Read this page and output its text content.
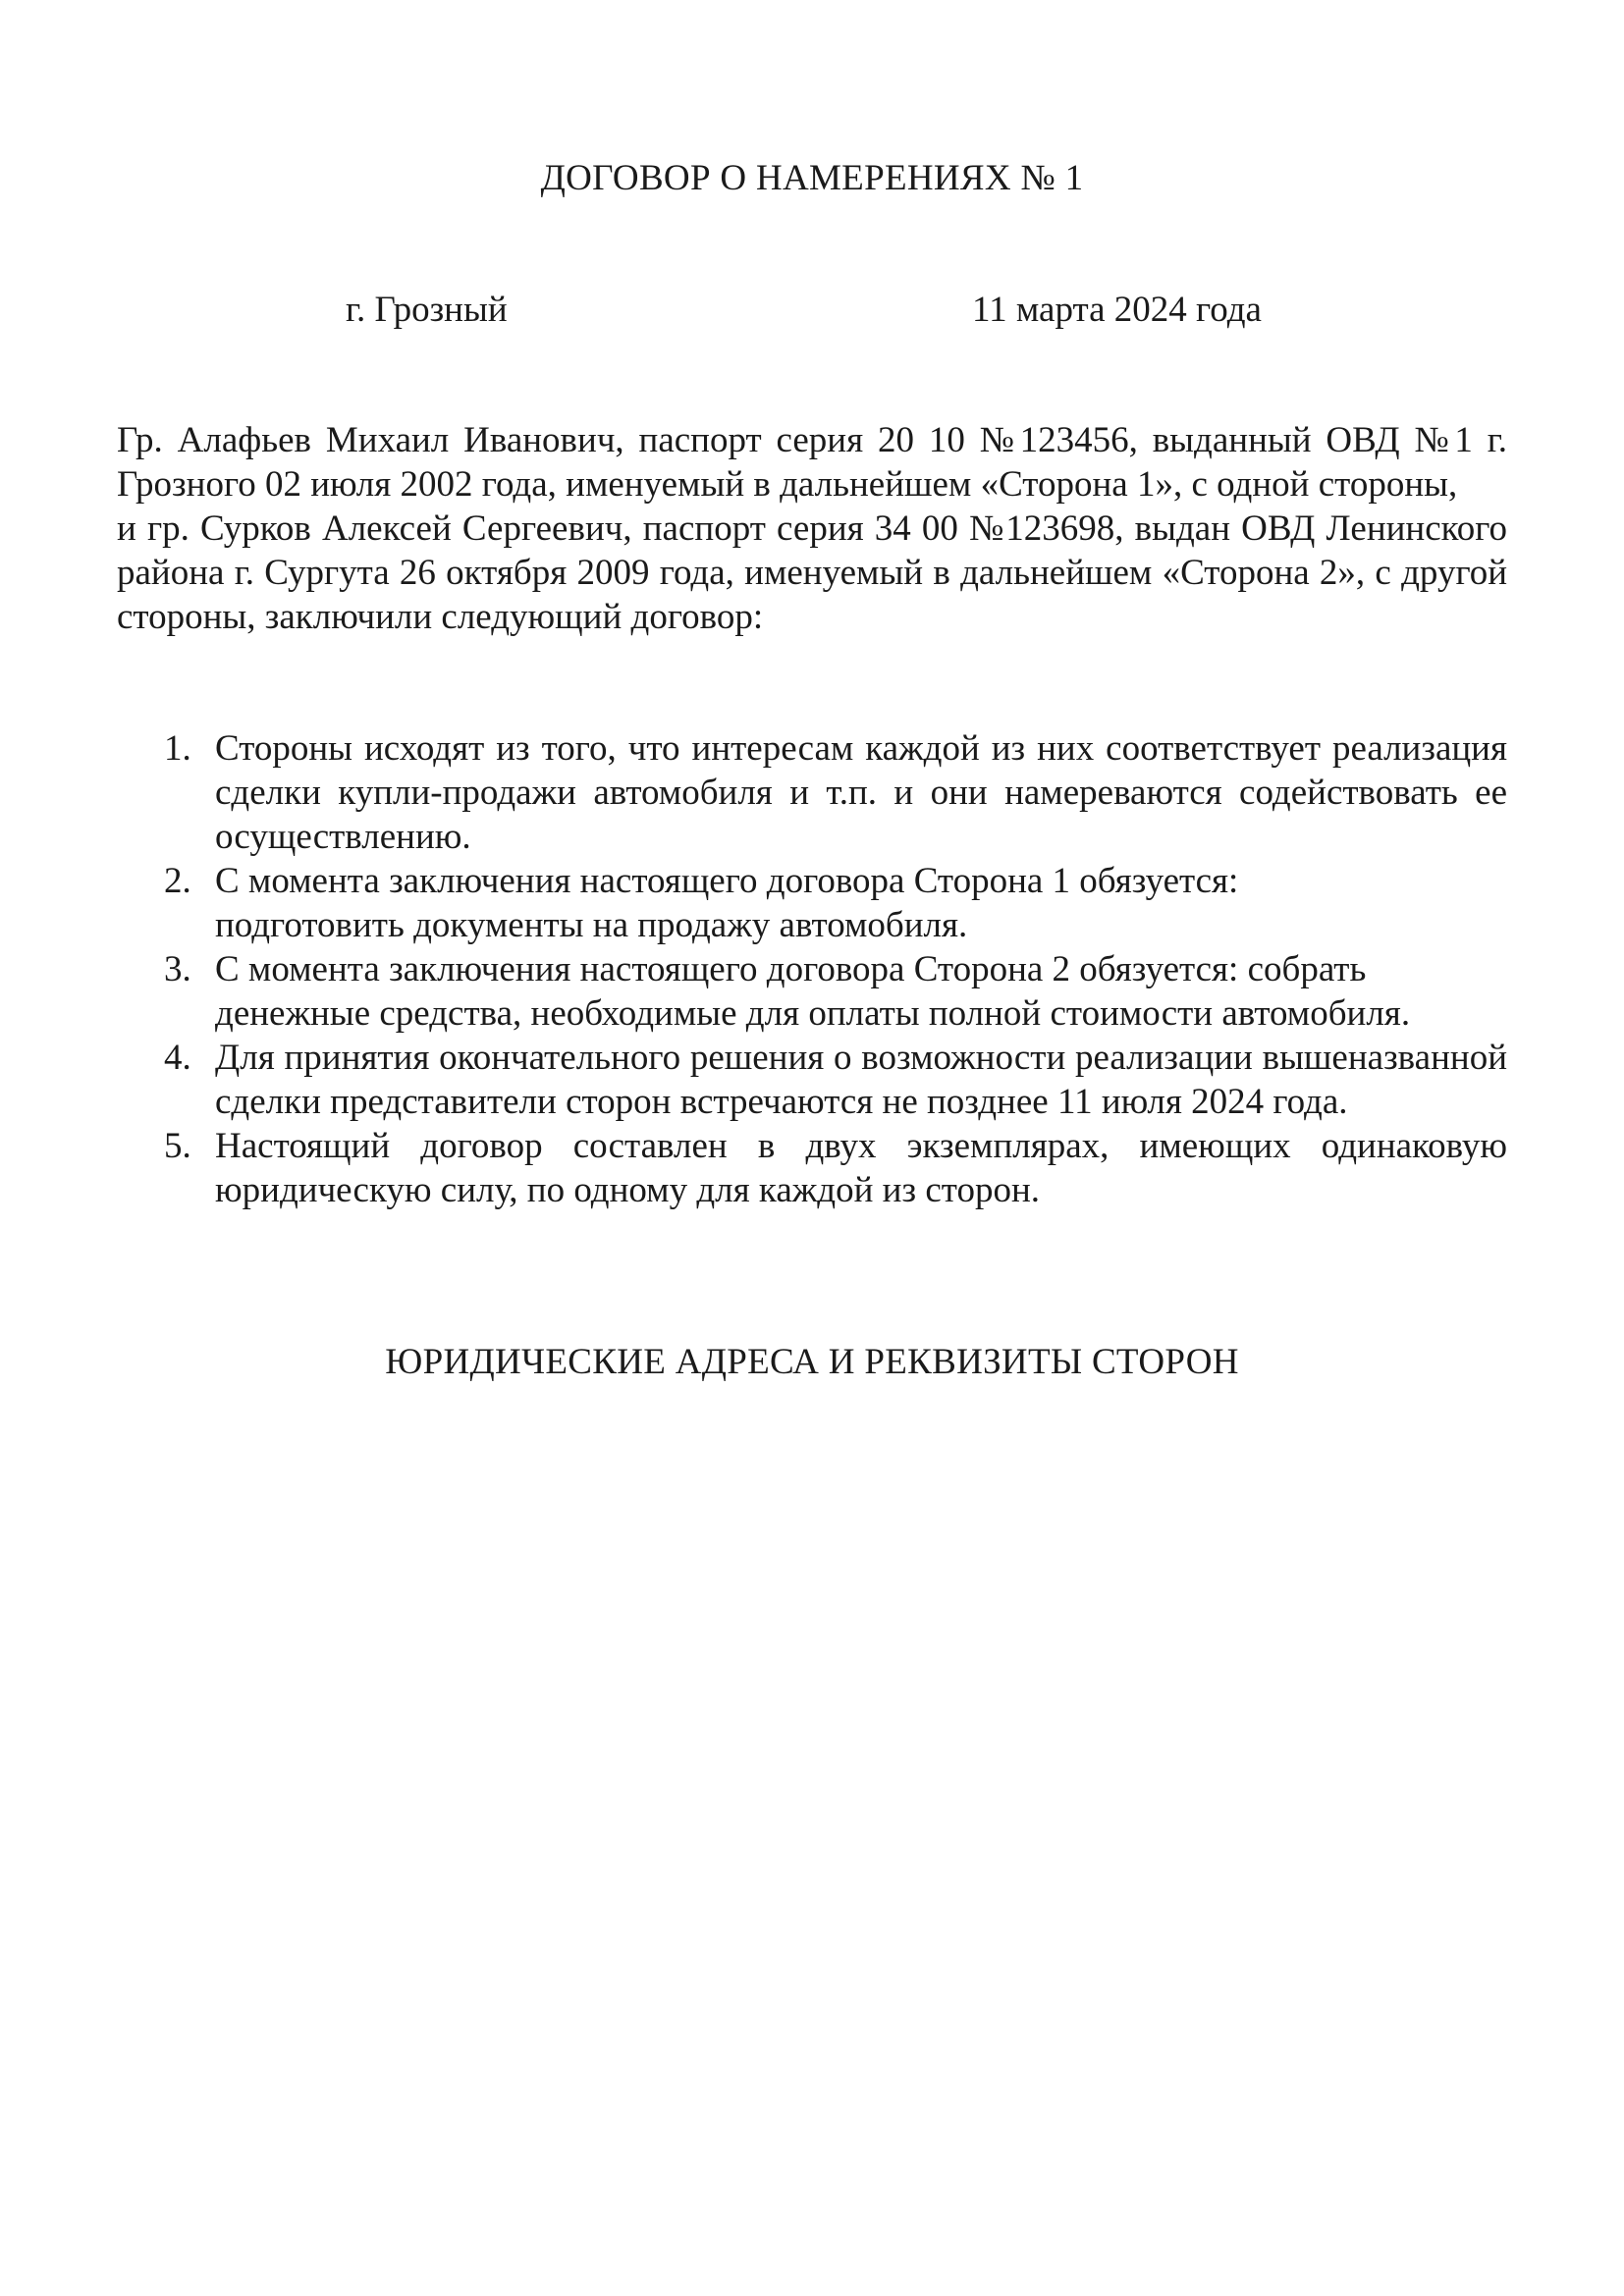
ДОГОВОР О НАМЕРЕНИЯХ № 1
г. Грозный	11 марта 2024 года

Гр. Алафьев Михаил Иванович, паспорт серия 20 10 №123456, выданный ОВД №1 г. Грозного 02 июля 2002 года, именуемый в дальнейшем «Сторона 1», с одной стороны,

и гр. Сурков Алексей Сергеевич, паспорт серия 34 00 №123698, выдан ОВД Ленинского района г. Сургута 26 октября 2009 года, именуемый в дальнейшем «Сторона 2», с другой стороны, заключили следующий договор:

1. Стороны исходят из того, что интересам каждой из них соответствует реализация сделки купли-продажи автомобиля и т.п. и они намереваются содействовать ее осуществлению.
2. С момента заключения настоящего договора Сторона 1 обязуется:
подготовить документы на продажу автомобиля.
3. С момента заключения настоящего договора Сторона 2 обязуется: собрать
денежные средства, необходимые для оплаты полной стоимости автомобиля.
4. Для принятия окончательного решения о возможности реализации вышеназванной сделки представители сторон встречаются не позднее 11 июля 2024 года.
5. Настоящий договор составлен в двух экземплярах, имеющих одинаковую юридическую силу, по одному для каждой из сторон.
ЮРИДИЧЕСКИЕ АДРЕСА И РЕКВИЗИТЫ СТОРОН
